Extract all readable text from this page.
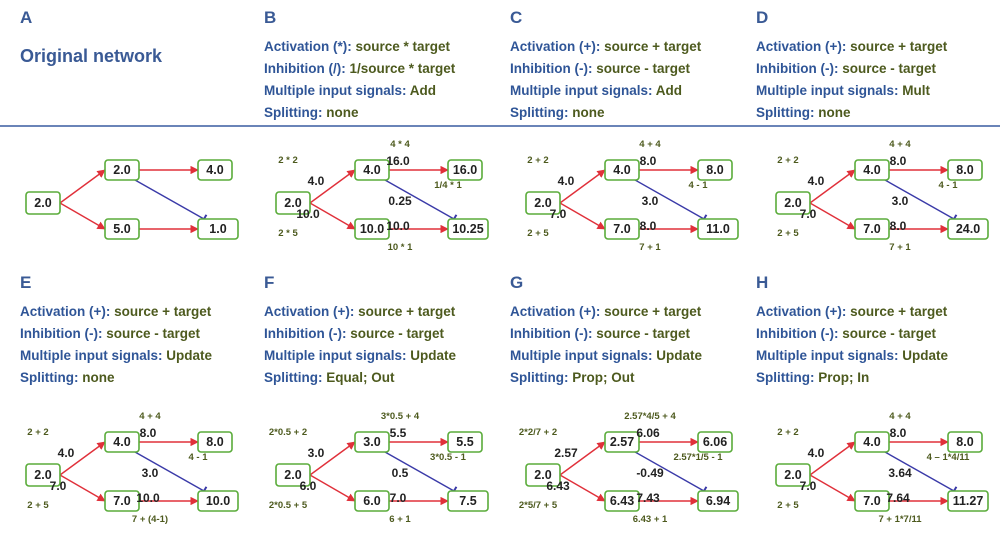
A
Original network
B
Activation (*): source * target
Inhibition (/): 1/source * target
Multiple input signals: Add
Splitting: none
C
Activation (+): source + target
Inhibition (-): source - target
Multiple input signals: Add
Splitting: none
D
Activation (+): source + target
Inhibition (-): source - target
Multiple input signals: Mult
Splitting: none
E
Activation (+): source + target
Inhibition (-): source - target
Multiple input signals: Update
Splitting: none
F
Activation (+): source + target
Inhibition (-): source - target
Multiple input signals: Update
Splitting: Equal; Out
G
Activation (+): source + target
Inhibition (-): source - target
Multiple input signals: Update
Splitting: Prop; Out
H
Activation (+): source + target
Inhibition (-): source - target
Multiple input signals: Update
Splitting: Prop; In
2.0
2.0	4.0
5.0	1.0
2.0
4.0	16.0
10.0	10.25
4.0
10.0
16.0
10.0
0.25
2 * 2
2 * 5
4 * 4
10 * 1
1/4 * 1
2.0
4.0	8.0
7.0	11.0
4.0
7.0
8.0
8.0
3.0
2 + 2
2 + 5
4 + 4
7 + 1
4 - 1
2.0
4.0	8.0
7.0	24.0
4.0
7.0
8.0
8.0
3.0
2 + 2
2 + 5
4 + 4
7 + 1
4 - 1
2.0
4.0	8.0
7.0	10.0
4.0
7.0
8.0
10.0
3.0
2 + 2
2 + 5
4 + 4
7 + (4-1)
4 - 1
2.0
3.0	5.5
6.0	7.5
3.0
6.0
5.5
7.0
0.5
2*0.5 + 2
2*0.5 + 5
3*0.5 + 4
6 + 1
3*0.5 - 1
2.0
2.57	6.06
6.43	6.94
2.57
6.43
6.06
7.43
-0.49
2*2/7 + 2
2*5/7 + 5
2.57*4/5 + 4
6.43 + 1
2.57*1/5 - 1
2.0
4.0	8.0
7.0	11.27
4.0
7.0
8.0
7.64
3.64
2 + 2
2 + 5
4 + 4
7 + 1*7/11
4 – 1*4/11
